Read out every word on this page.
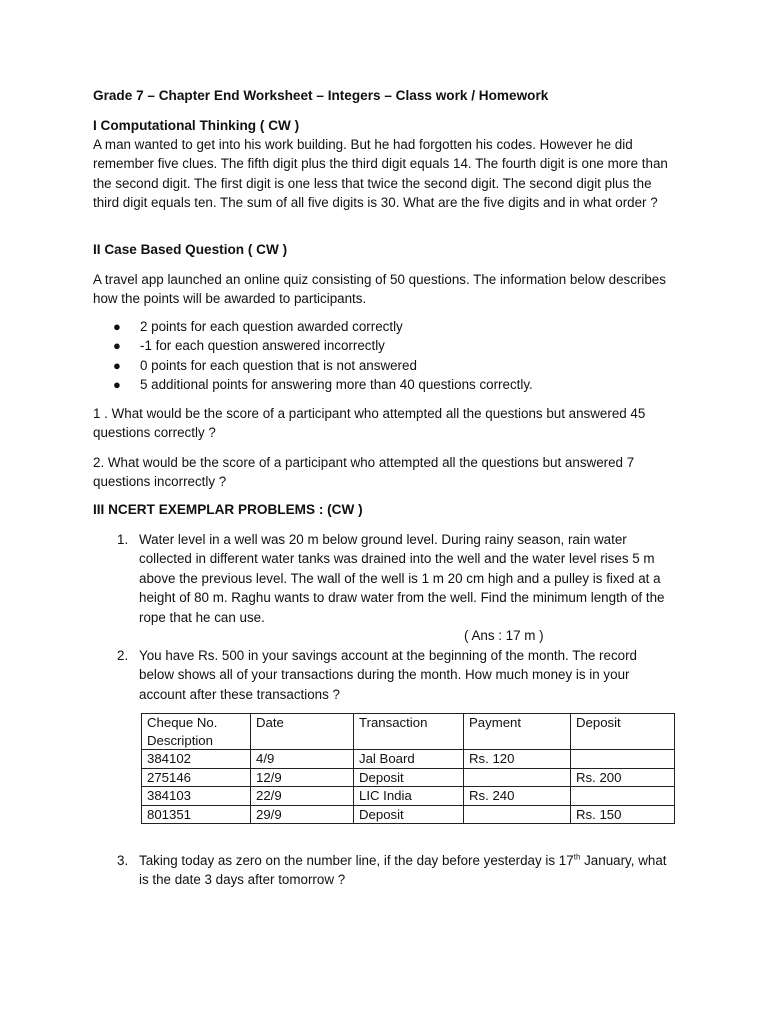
Grade 7 – Chapter End Worksheet – Integers – Class work / Homework
I Computational Thinking ( CW )
A man wanted to get into his work building. But he had forgotten his codes. However he did remember five clues. The fifth digit plus the third digit equals 14. The fourth digit is one more than the second digit. The first digit is one less that twice the second digit. The second digit plus the third digit equals ten. The sum of all five digits is 30. What are the five digits and in what order ?
II Case Based Question ( CW )
A travel app launched an online quiz consisting of 50 questions. The information below describes how the points will be awarded to participants.
● 2 points for each question awarded correctly
● -1 for each question answered incorrectly
● 0 points for each question that is not answered
● 5 additional points for answering more than 40 questions correctly.
1 . What would be the score of a participant who attempted all the questions but answered 45 questions correctly ?
2. What would be the score of a participant who attempted all the questions but answered 7 questions incorrectly ?
III NCERT EXEMPLAR PROBLEMS : (CW )
1. Water level in a well was 20 m below ground level. During rainy season, rain water collected in different water tanks was drained into the well and the water level rises 5 m above the previous level. The wall of the well is 1 m 20 cm high and a pulley is fixed at a height of 80 m. Raghu wants to draw water from the well. Find the minimum length of the rope that he can use.
( Ans : 17 m )
2. You have Rs. 500 in your savings account at the beginning of the month. The record below shows all of your transactions during the month. How much money is in your account after these transactions ?
Cheque No. Description	Date	Transaction	Payment	Deposit
384102	4/9	Jal Board	Rs. 120	
275146	12/9	Deposit		Rs. 200
384103	22/9	LIC India	Rs. 240	
801351	29/9	Deposit		Rs. 150
3. Taking today as zero on the number line, if the day before yesterday is 17th January, what is the date 3 days after tomorrow ?
